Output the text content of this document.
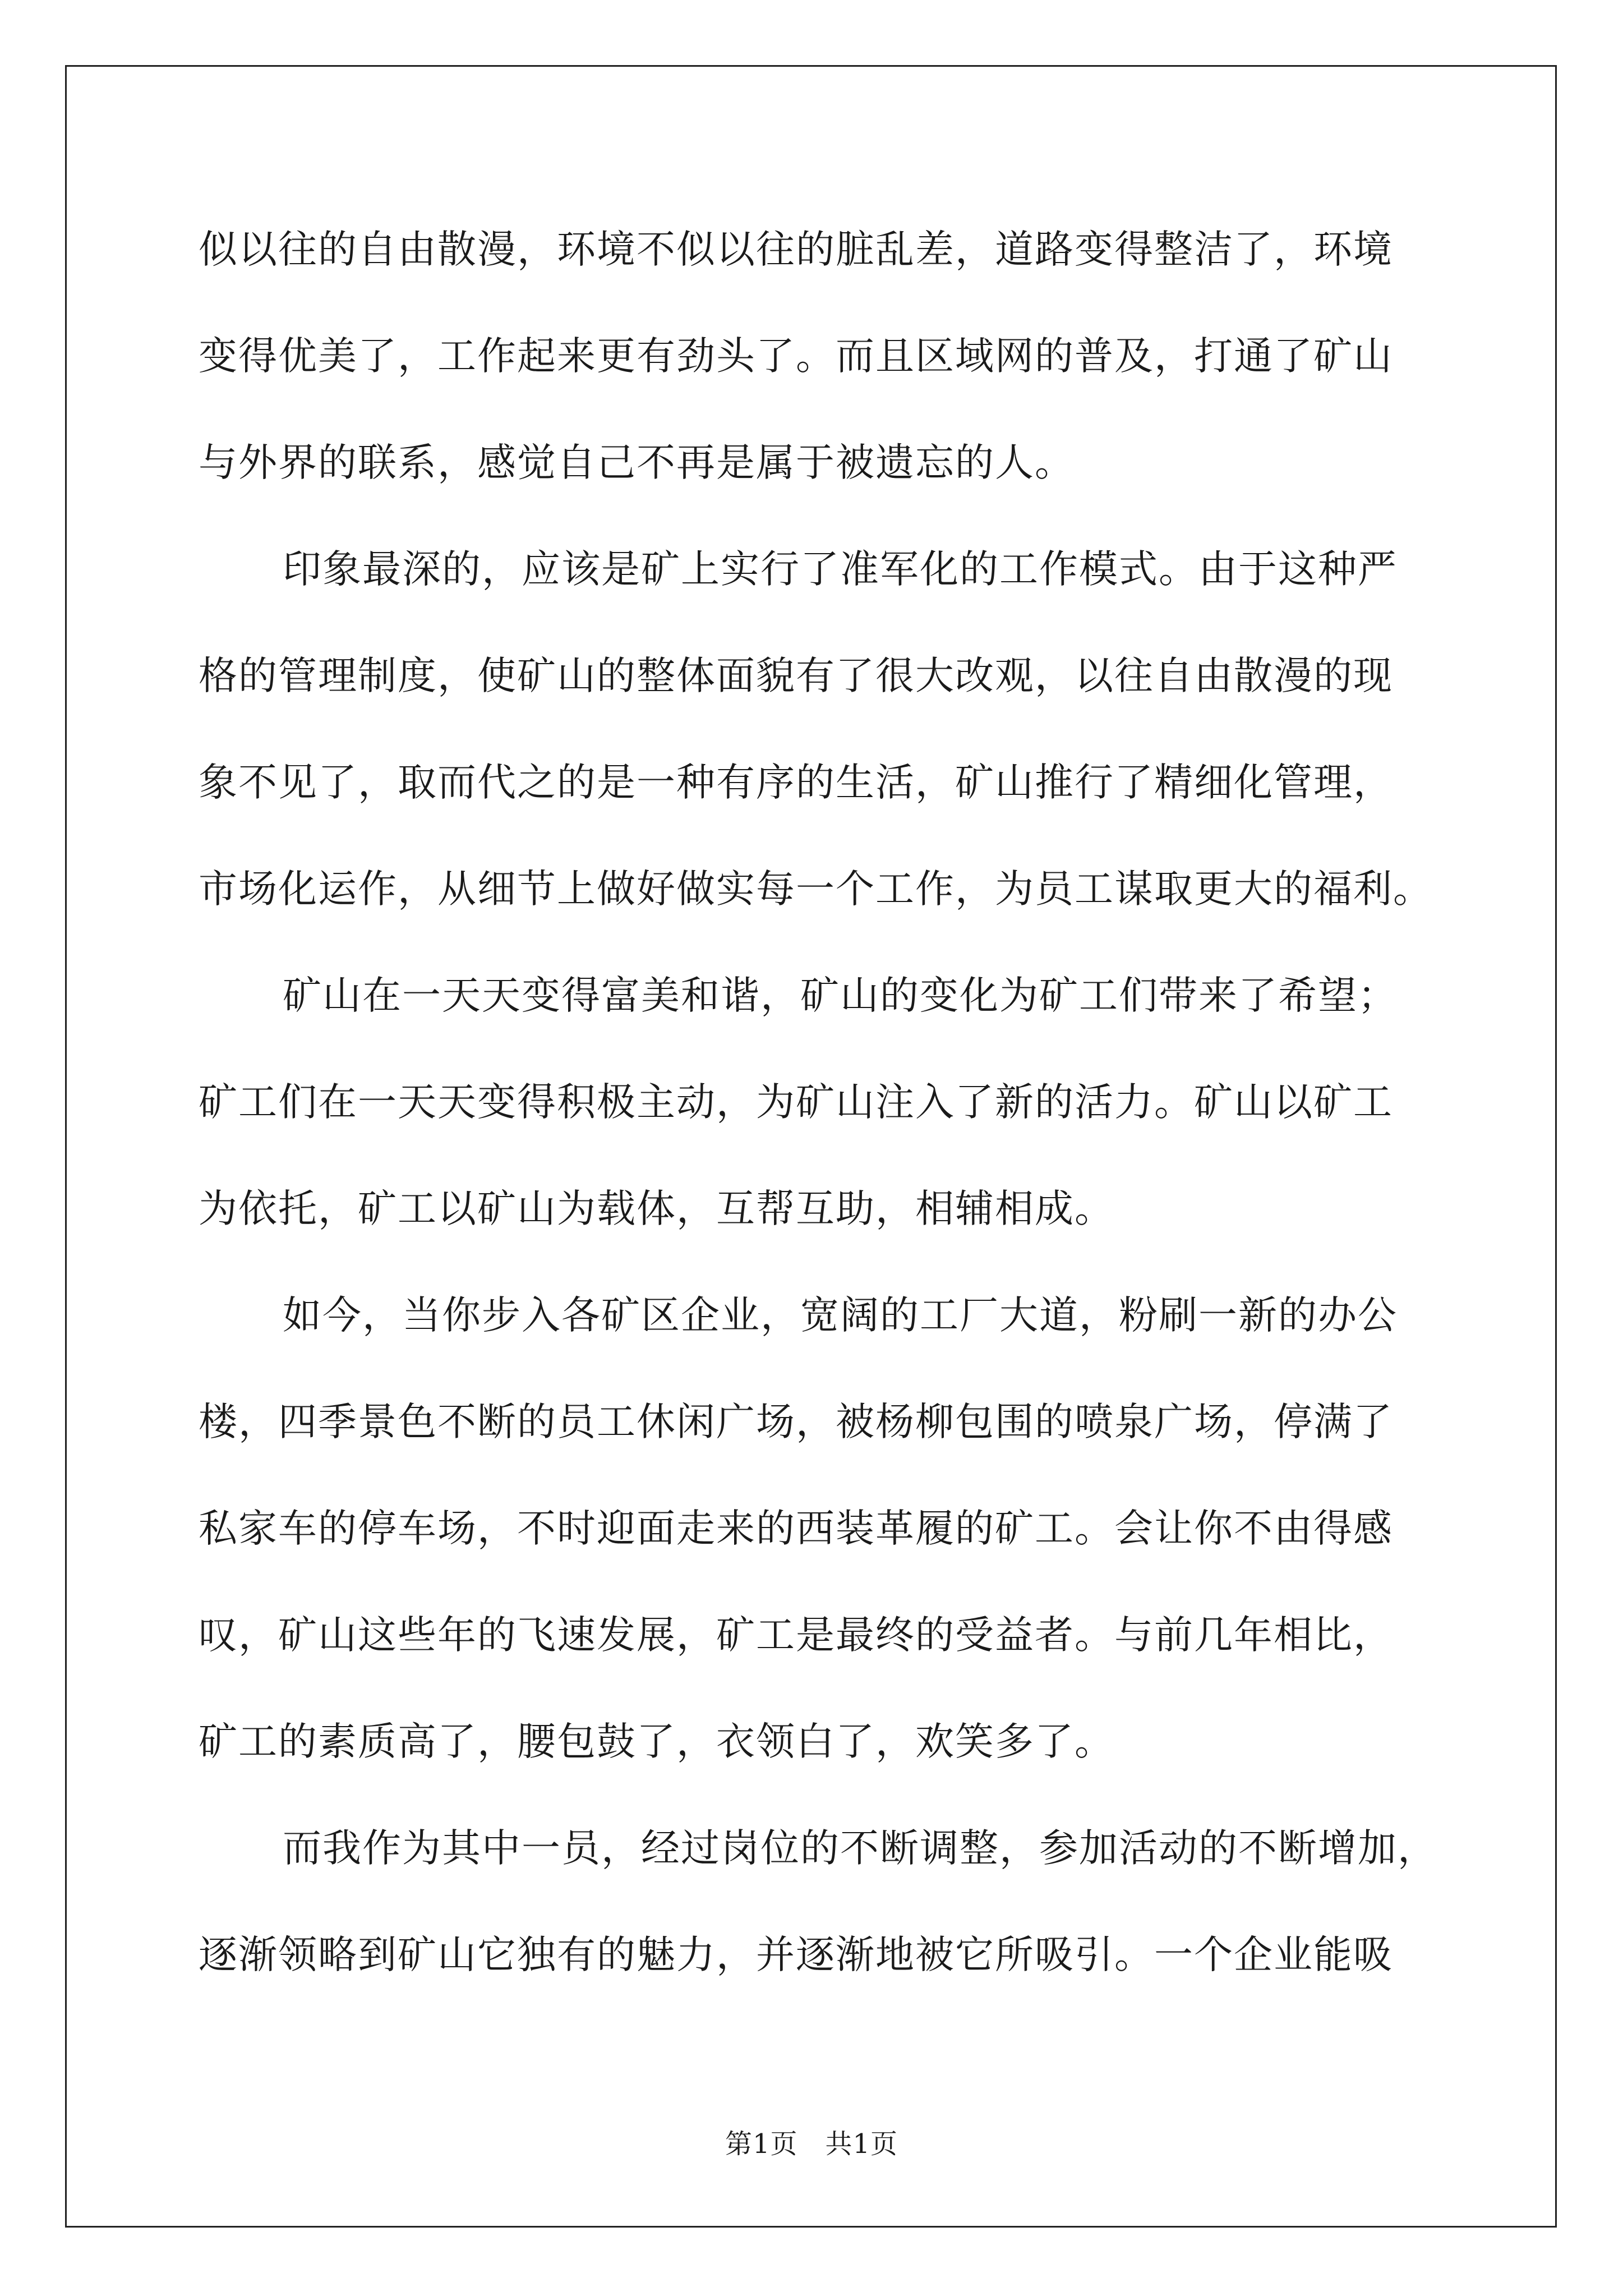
似以往的自由散漫，环境不似以往的脏乱差，道路变得整洁了，环境
变得优美了，工作起来更有劲头了。而且区域网的普及，打通了矿山
与外界的联系，感觉自己不再是属于被遗忘的人。
印象最深的，应该是矿上实行了准军化的工作模式。由于这种严
格的管理制度，使矿山的整体面貌有了很大改观，以往自由散漫的现
象不见了，取而代之的是一种有序的生活，矿山推行了精细化管理，
市场化运作，从细节上做好做实每一个工作，为员工谋取更大的福利。
矿山在一天天变得富美和谐，矿山的变化为矿工们带来了希望；
矿工们在一天天变得积极主动，为矿山注入了新的活力。矿山以矿工
为依托，矿工以矿山为载体，互帮互助，相辅相成。
如今，当你步入各矿区企业，宽阔的工厂大道，粉刷一新的办公
楼，四季景色不断的员工休闲广场，被杨柳包围的喷泉广场，停满了
私家车的停车场，不时迎面走来的西装革履的矿工。会让你不由得感
叹，矿山这些年的飞速发展，矿工是最终的受益者。与前几年相比，
矿工的素质高了，腰包鼓了，衣领白了，欢笑多了。
而我作为其中一员，经过岗位的不断调整，参加活动的不断增加，
逐渐领略到矿山它独有的魅力，并逐渐地被它所吸引。一个企业能吸
第1页　共1页
